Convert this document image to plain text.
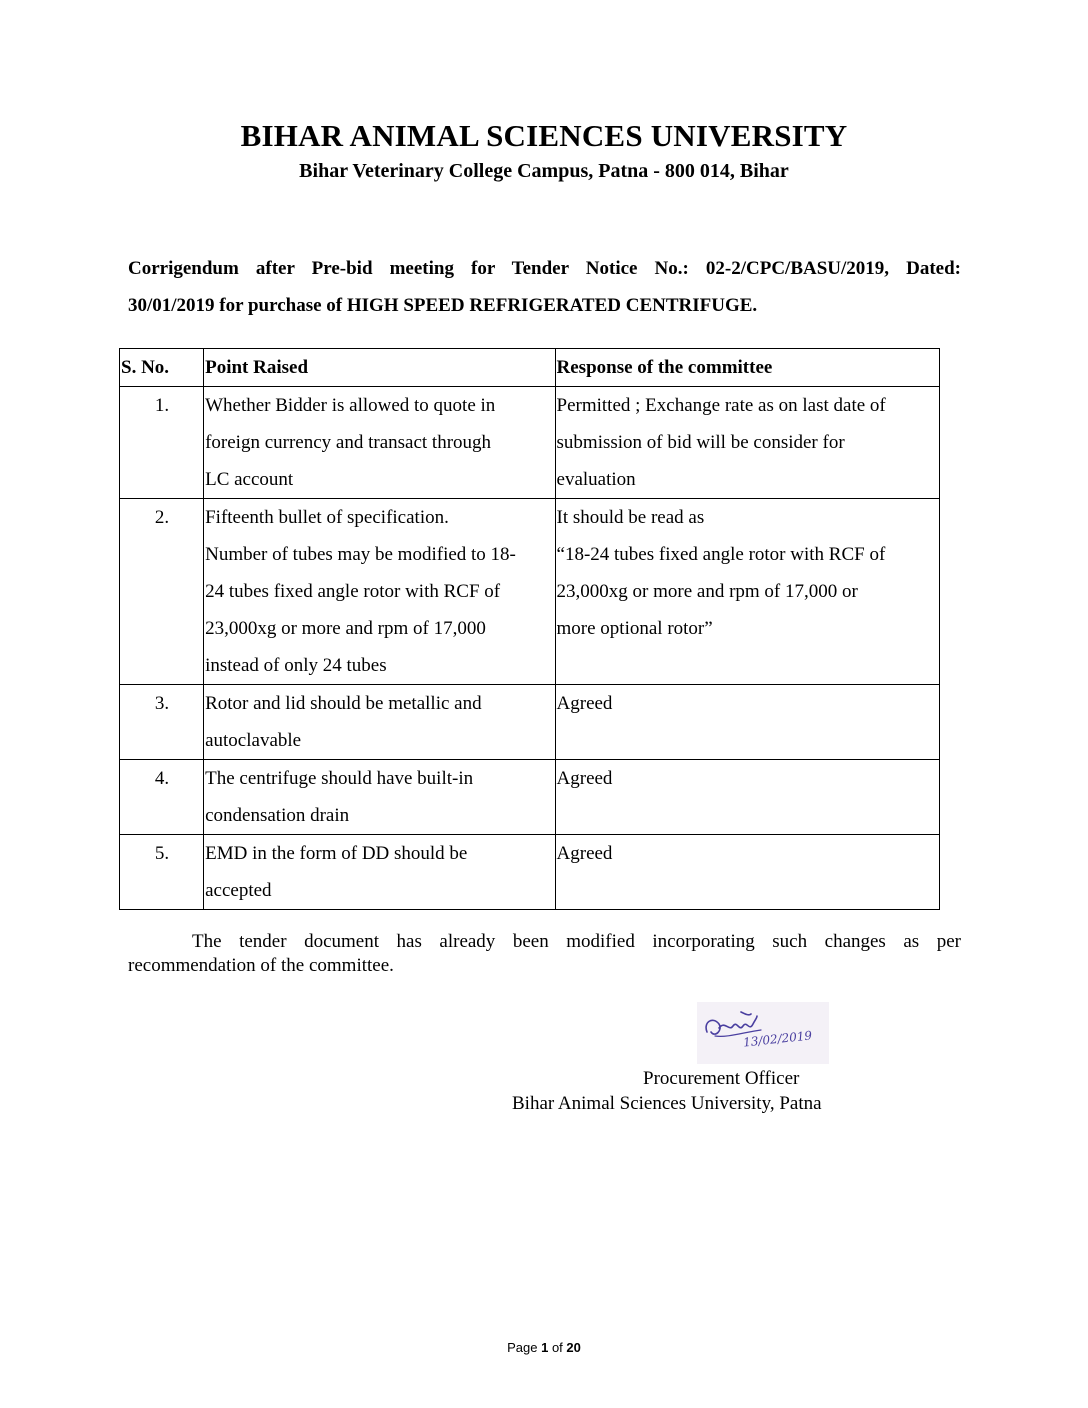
BIHAR ANIMAL SCIENCES UNIVERSITY
Bihar Veterinary College Campus, Patna - 800 014, Bihar
Corrigendum after Pre-bid meeting for Tender Notice No.: 02-2/CPC/BASU/2019, Dated:
30/01/2019 for purchase of HIGH SPEED REFRIGERATED CENTRIFUGE.
S. No.	Point Raised	Response of the committee
1.	Whether Bidder is allowed to quote in
foreign currency and transact through
LC account	Permitted ; Exchange rate as on last date of
submission of bid will be consider for
evaluation

2.	Fifteenth bullet of specification.
Number of tubes may be modified to 18-
24 tubes fixed angle rotor with RCF of
23,000xg or more and rpm of 17,000
instead of only 24 tubes	It should be read as
“18-24 tubes fixed angle rotor with RCF of
23,000xg or more and rpm of 17,000 or
more optional rotor”

3.	Rotor and lid should be metallic and
autoclavable	Agreed

4.	The centrifuge should have built-in
condensation drain	Agreed

5.	EMD in the form of DD should be
accepted	Agreed
The tender document has already been modified incorporating such changes as per
recommendation of the committee.
13/02/2019
Procurement Officer
Bihar Animal Sciences University, Patna
Page 1 of 20
